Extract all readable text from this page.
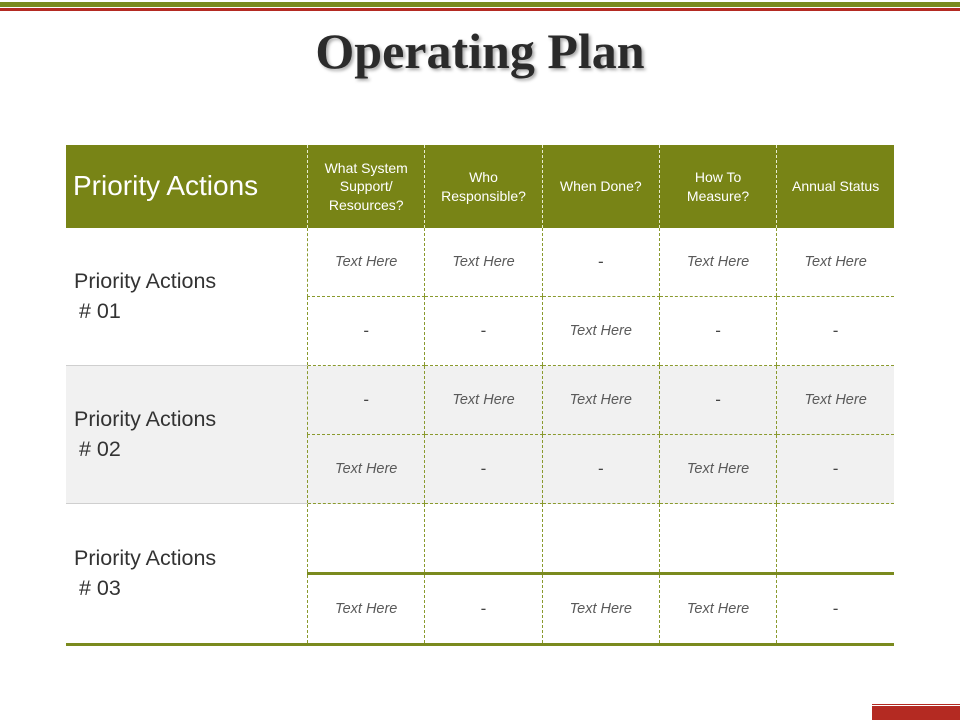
Operating Plan
Priority Actions	What System Support/ Resources?	Who Responsible?	When Done?	How To Measure?	Annual Status

Priority Actions
# 01	Text Here	Text Here	-	Text Here	Text Here
	-	-	Text Here	-	-

Priority Actions
# 02	-	Text Here	Text Here	-	Text Here
	Text Here	-	-	Text Here	-

Priority Actions
# 03					

	Text Here	-	Text Here	Text Here	-
